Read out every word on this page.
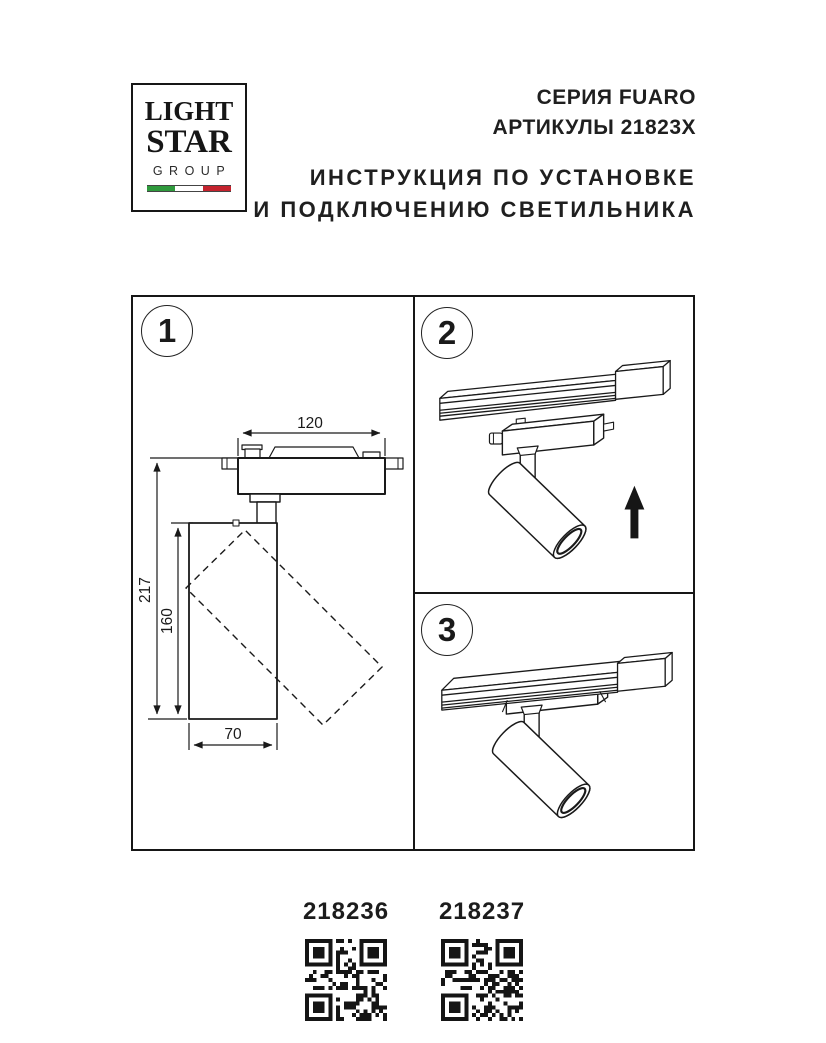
LIGHT
STAR
GROUP
СЕРИЯ FUARO
АРТИКУЛЫ 21823X
ИНСТРУКЦИЯ ПО УСТАНОВКЕ
И ПОДКЛЮЧЕНИЮ СВЕТИЛЬНИКА
1
120
217
160
70
2
3
218236	218237
